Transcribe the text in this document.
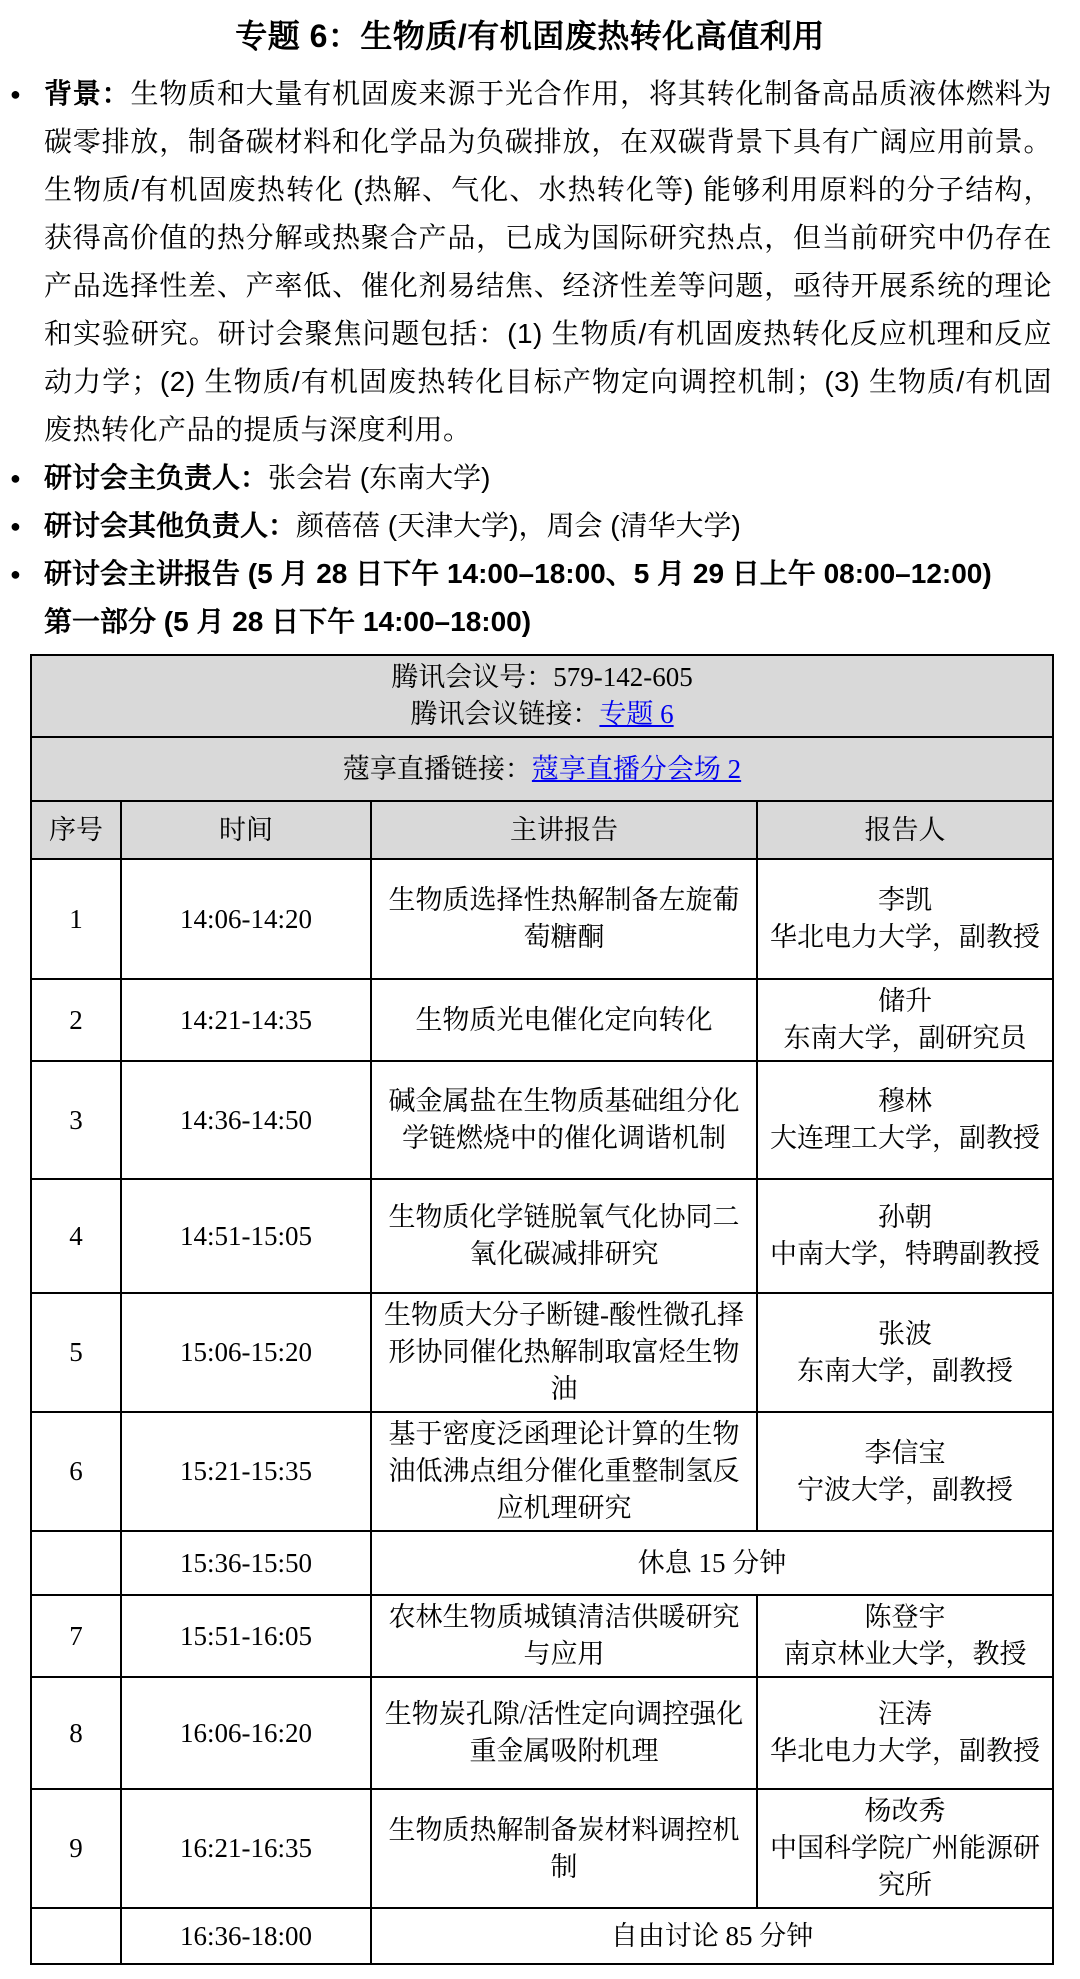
专题 6：生物质/有机固废热转化高值利用
● 背景：生物质和大量有机固废来源于光合作用，将其转化制备高品质液体燃料为碳零排放，制备碳材料和化学品为负碳排放，在双碳背景下具有广阔应用前景。生物质/有机固废热转化 (热解、气化、水热转化等) 能够利用原料的分子结构，获得高价值的热分解或热聚合产品，已成为国际研究热点，但当前研究中仍存在产品选择性差、产率低、催化剂易结焦、经济性差等问题，亟待开展系统的理论和实验研究。研讨会聚焦问题包括：(1) 生物质/有机固废热转化反应机理和反应动力学；(2) 生物质/有机固废热转化目标产物定向调控机制；(3) 生物质/有机固废热转化产品的提质与深度利用。
● 研讨会主负责人：张会岩 (东南大学)
● 研讨会其他负责人：颜蓓蓓 (天津大学)，周会 (清华大学)
● 研讨会主讲报告 (5 月 28 日下午 14:00–18:00、5 月 29 日上午 08:00–12:00)
第一部分 (5 月 28 日下午 14:00–18:00)
腾讯会议号：579-142-605
腾讯会议链接：专题 6			

蔻享直播链接：蔻享直播分会场 2			
序号	时间	主讲报告	报告人
1	14:06-14:20	生物质选择性热解制备左旋葡萄糖酮	李凯
华北电力大学，副教授

2	14:21-14:35	生物质光电催化定向转化	储升
东南大学，副研究员

3	14:36-14:50	碱金属盐在生物质基础组分化学链燃烧中的催化调谐机制	穆林
大连理工大学，副教授

4	14:51-15:05	生物质化学链脱氧气化协同二氧化碳减排研究	孙朝
中南大学，特聘副教授

5	15:06-15:20	生物质大分子断键-酸性微孔择形协同催化热解制取富烃生物油	张波
东南大学，副教授

6	15:21-15:35	基于密度泛函理论计算的生物油低沸点组分催化重整制氢反应机理研究	李信宝
宁波大学，副教授

	15:36-15:50	休息 15 分钟	
7	15:51-16:05	农林生物质城镇清洁供暖研究与应用	陈登宇
南京林业大学，教授

8	16:06-16:20	生物炭孔隙/活性定向调控强化重金属吸附机理	汪涛
华北电力大学，副教授

9	16:21-16:35	生物质热解制备炭材料调控机制	杨改秀
中国科学院广州能源研究所

	16:36-18:00	自由讨论 85 分钟	
